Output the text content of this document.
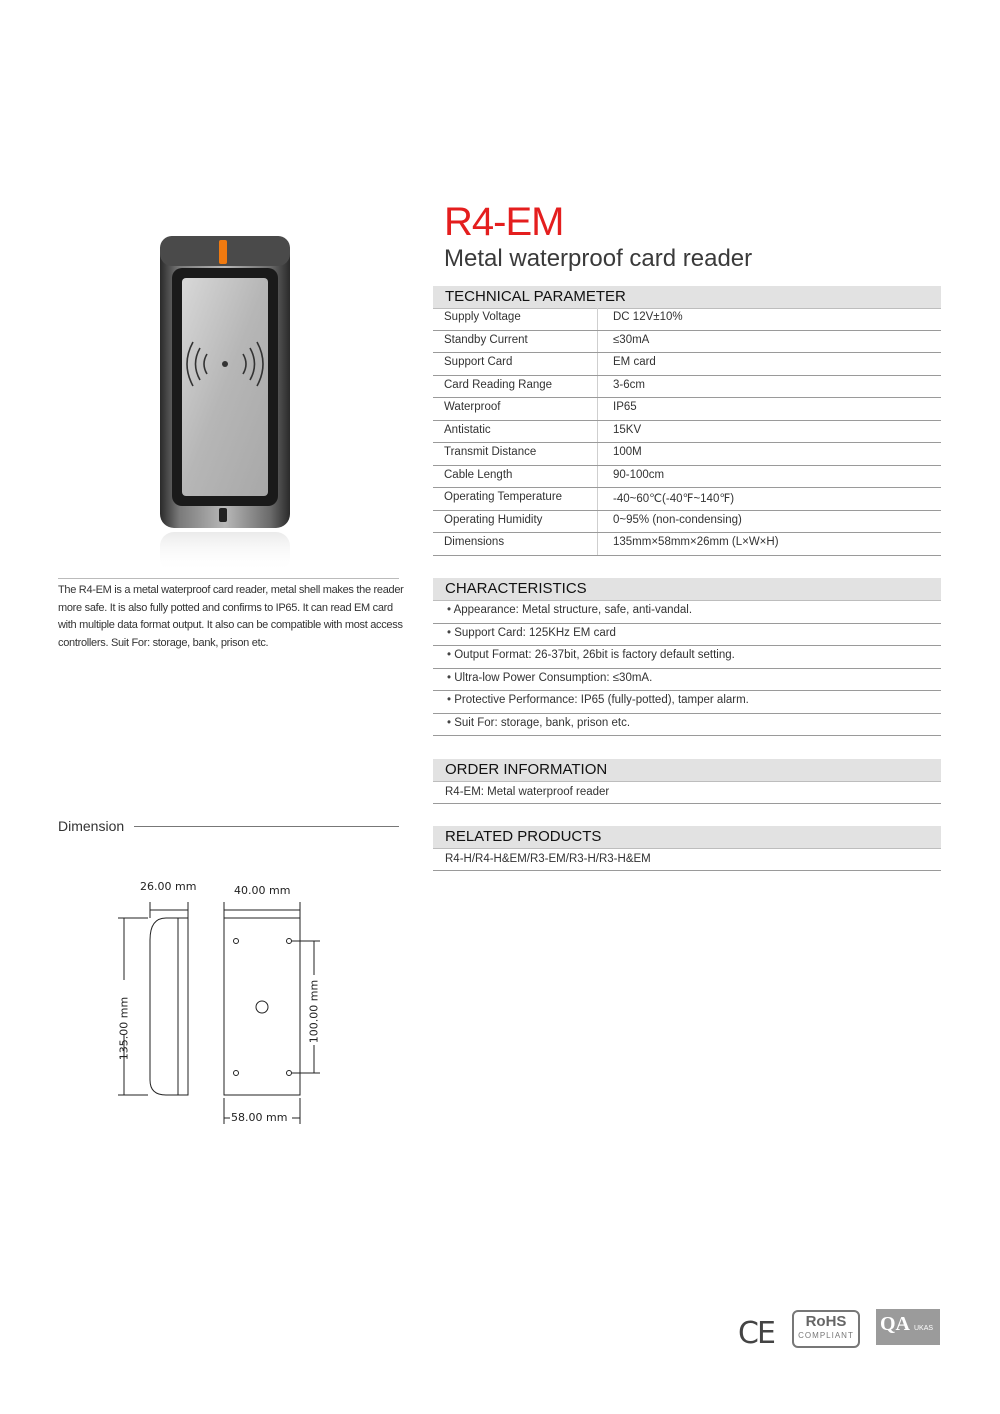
R4-EM
Metal waterproof card reader
TECHNICAL PARAMETER
Supply Voltage	DC 12V±10%
Standby Current	≤30mA
Support Card	EM card
Card Reading Range	3-6cm
Waterproof	IP65
Antistatic	15KV
Transmit Distance	100M
Cable Length	90-100cm
Operating Temperature	-40~60℃(-40℉~140℉)
Operating Humidity	0~95% (non-condensing)
Dimensions	135mm×58mm×26mm (L×W×H)
The R4-EM is a metal waterproof card reader, metal shell makes the reader more safe. It is also fully potted and confirms to IP65. It can read EM card with multiple data format output. It also can be compatible with most access controllers. Suit For: storage, bank, prison etc.
CHARACTERISTICS
• Appearance: Metal structure, safe, anti-vandal.
• Support Card: 125KHz EM card
• Output Format: 26-37bit, 26bit is factory default setting.
• Ultra-low Power Consumption: ≤30mA.
• Protective Performance: IP65 (fully-potted), tamper alarm.
• Suit For: storage, bank, prison etc.
ORDER INFORMATION
R4-EM: Metal waterproof reader
RELATED PRODUCTS
R4-H/R4-H&EM/R3-EM/R3-H/R3-H&EM
Dimension
26.00 mm	40.00 mm
135.00 mm	100.00 mm
58.00 mm
CE	RoHS
COMPLIANT
QA UKAS
